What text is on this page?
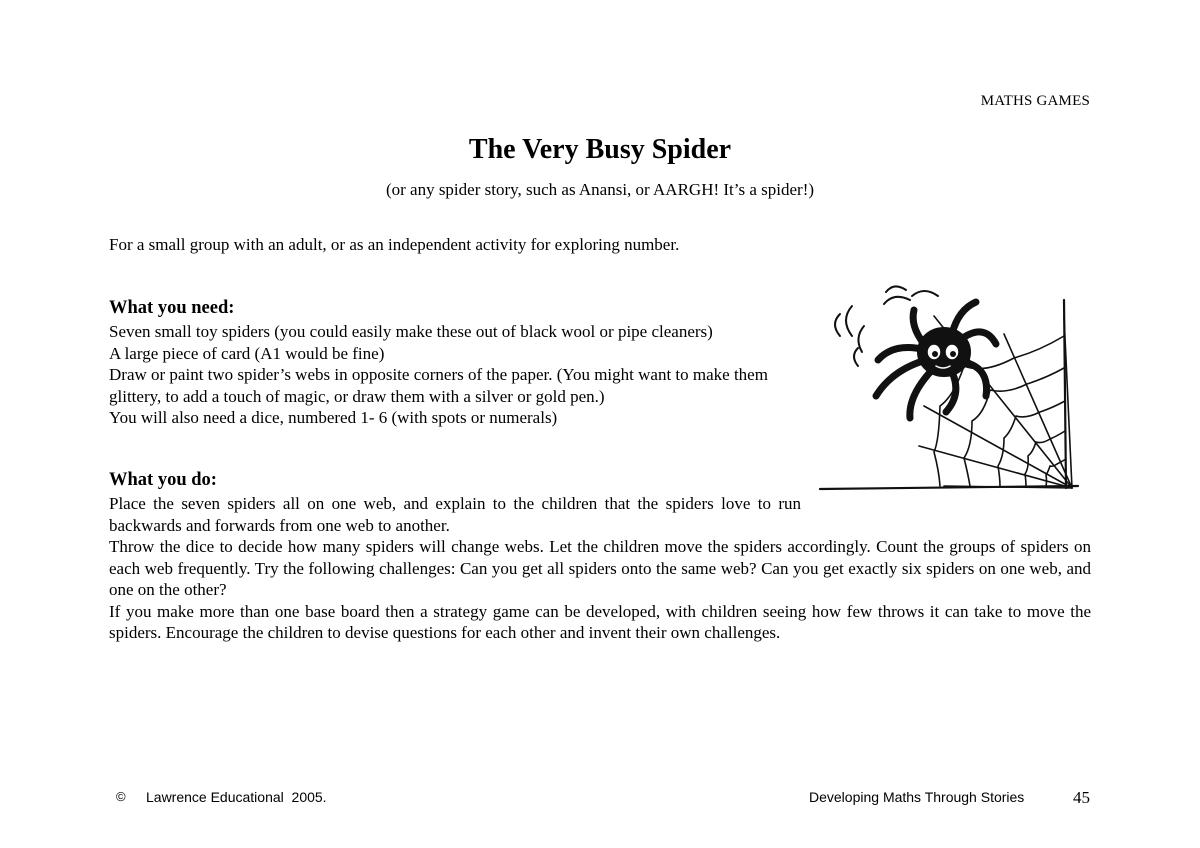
MATHS GAMES
The Very Busy Spider
(or any spider story, such as Anansi, or AARGH! It’s a spider!)
For a small group with an adult, or as an independent activity for exploring number.
What you need:

Seven small toy spiders (you could easily make these out of black wool or pipe cleaners)

A large piece of card (A1 would be fine)

Draw or paint two spider’s webs in opposite corners of the paper. (You might want to make them glittery, to add a touch of magic, or draw them with a silver or gold pen.)

You will also need a dice, numbered 1- 6 (with spots or numerals)

What you do:

Place the seven spiders all on one web, and explain to the children that the spiders love to run backwards and forwards from one web to another.

Throw the dice to decide how many spiders will change webs. Let the children move the spiders accordingly. Count the groups of spiders on each web frequently. Try the following challenges: Can you get all spiders onto the same web? Can you get exactly six spiders on one web, and one on the other?

If you make more than one base board then a strategy game can be developed, with children seeing how few throws it can take to move the spiders. Encourage the children to devise questions for each other and invent their own challenges.

© Lawrence Educational  2005.	Developing Maths Through Stories	45
